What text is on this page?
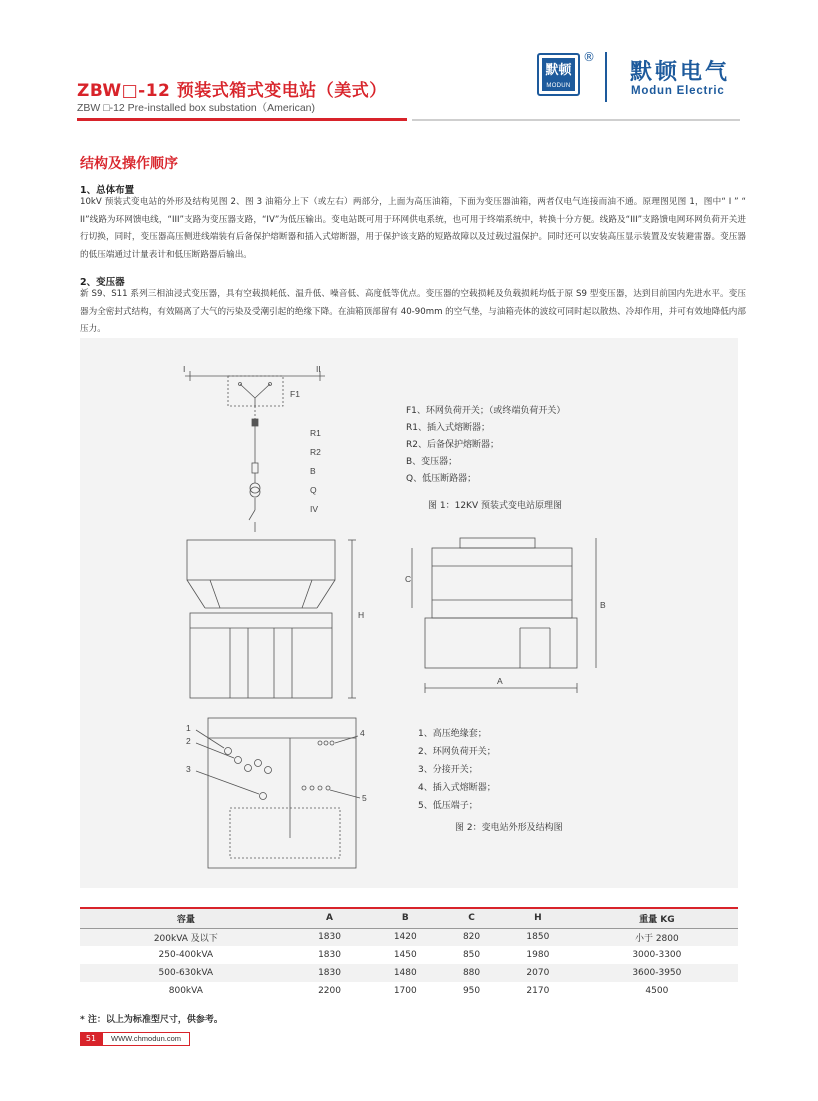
ZBW□-12 预装式箱式变电站（美式）
ZBW □-12 Pre-installed box substation（American)
默顿
MODUN
®
默顿电气
Modun Electric
结构及操作顺序
1、总体布置
10kV 预装式变电站的外形及结构见图 2、图 3 油箱分上下（或左右）两部分，上面为高压油箱，下面为变压器油箱，两者仅电气连接而油不通。原理图见图 1，图中“ I ” “ II”线路为环网馈电线，“III”支路为变压器支路，“IV”为低压输出。变电站既可用于环网供电系统，也可用于终端系统中，转换十分方便。线路及“III”支路馈电网环网负荷开关进行切换，同时，变压器高压侧进线端装有后备保护熔断器和插入式熔断器，用于保护该支路的短路故障以及过载过温保护。同时还可以安装高压显示装置及安装避雷器。变压器的低压端通过计量表计和低压断路器后输出。
2、变压器
新 S9、S11 系列三相油浸式变压器，具有空载损耗低、温升低、噪音低、高度低等优点。变压器的空载损耗及负载损耗均低于原 S9 型变压器，达到目前国内先进水平。变压器为全密封式结构，有效隔离了大气的污染及受潮引起的绝缘下降。在油箱顶部留有 40-90mm 的空气垫，与油箱壳体的波纹可同时起以散热、冷却作用，并可有效地降低内部压力。
I	II
F1
R1
R2
B
Q
IV
F1、环网负荷开关；（或终端负荷开关）
R1、插入式熔断器；
R2、后备保护熔断器；
B、变压器；
Q、低压断路器；
图 1：12KV 预装式变电站原理图
H
C
B
A
1
2
3
4
5
1、高压绝缘套；
2、环网负荷开关；
3、分接开关；
4、插入式熔断器；
5、低压端子；
图 2：变电站外形及结构图
容量	A	B	C	H	重量 KG
200kVA 及以下	1830	1420	820	1850	小于 2800
250-400kVA	1830	1450	850	1980	3000-3300
500-630kVA	1830	1480	880	2070	3600-3950
800kVA	2200	1700	950	2170	4500
* 注：以上为标准型尺寸，供参考。
51	WWW.chmodun.com
